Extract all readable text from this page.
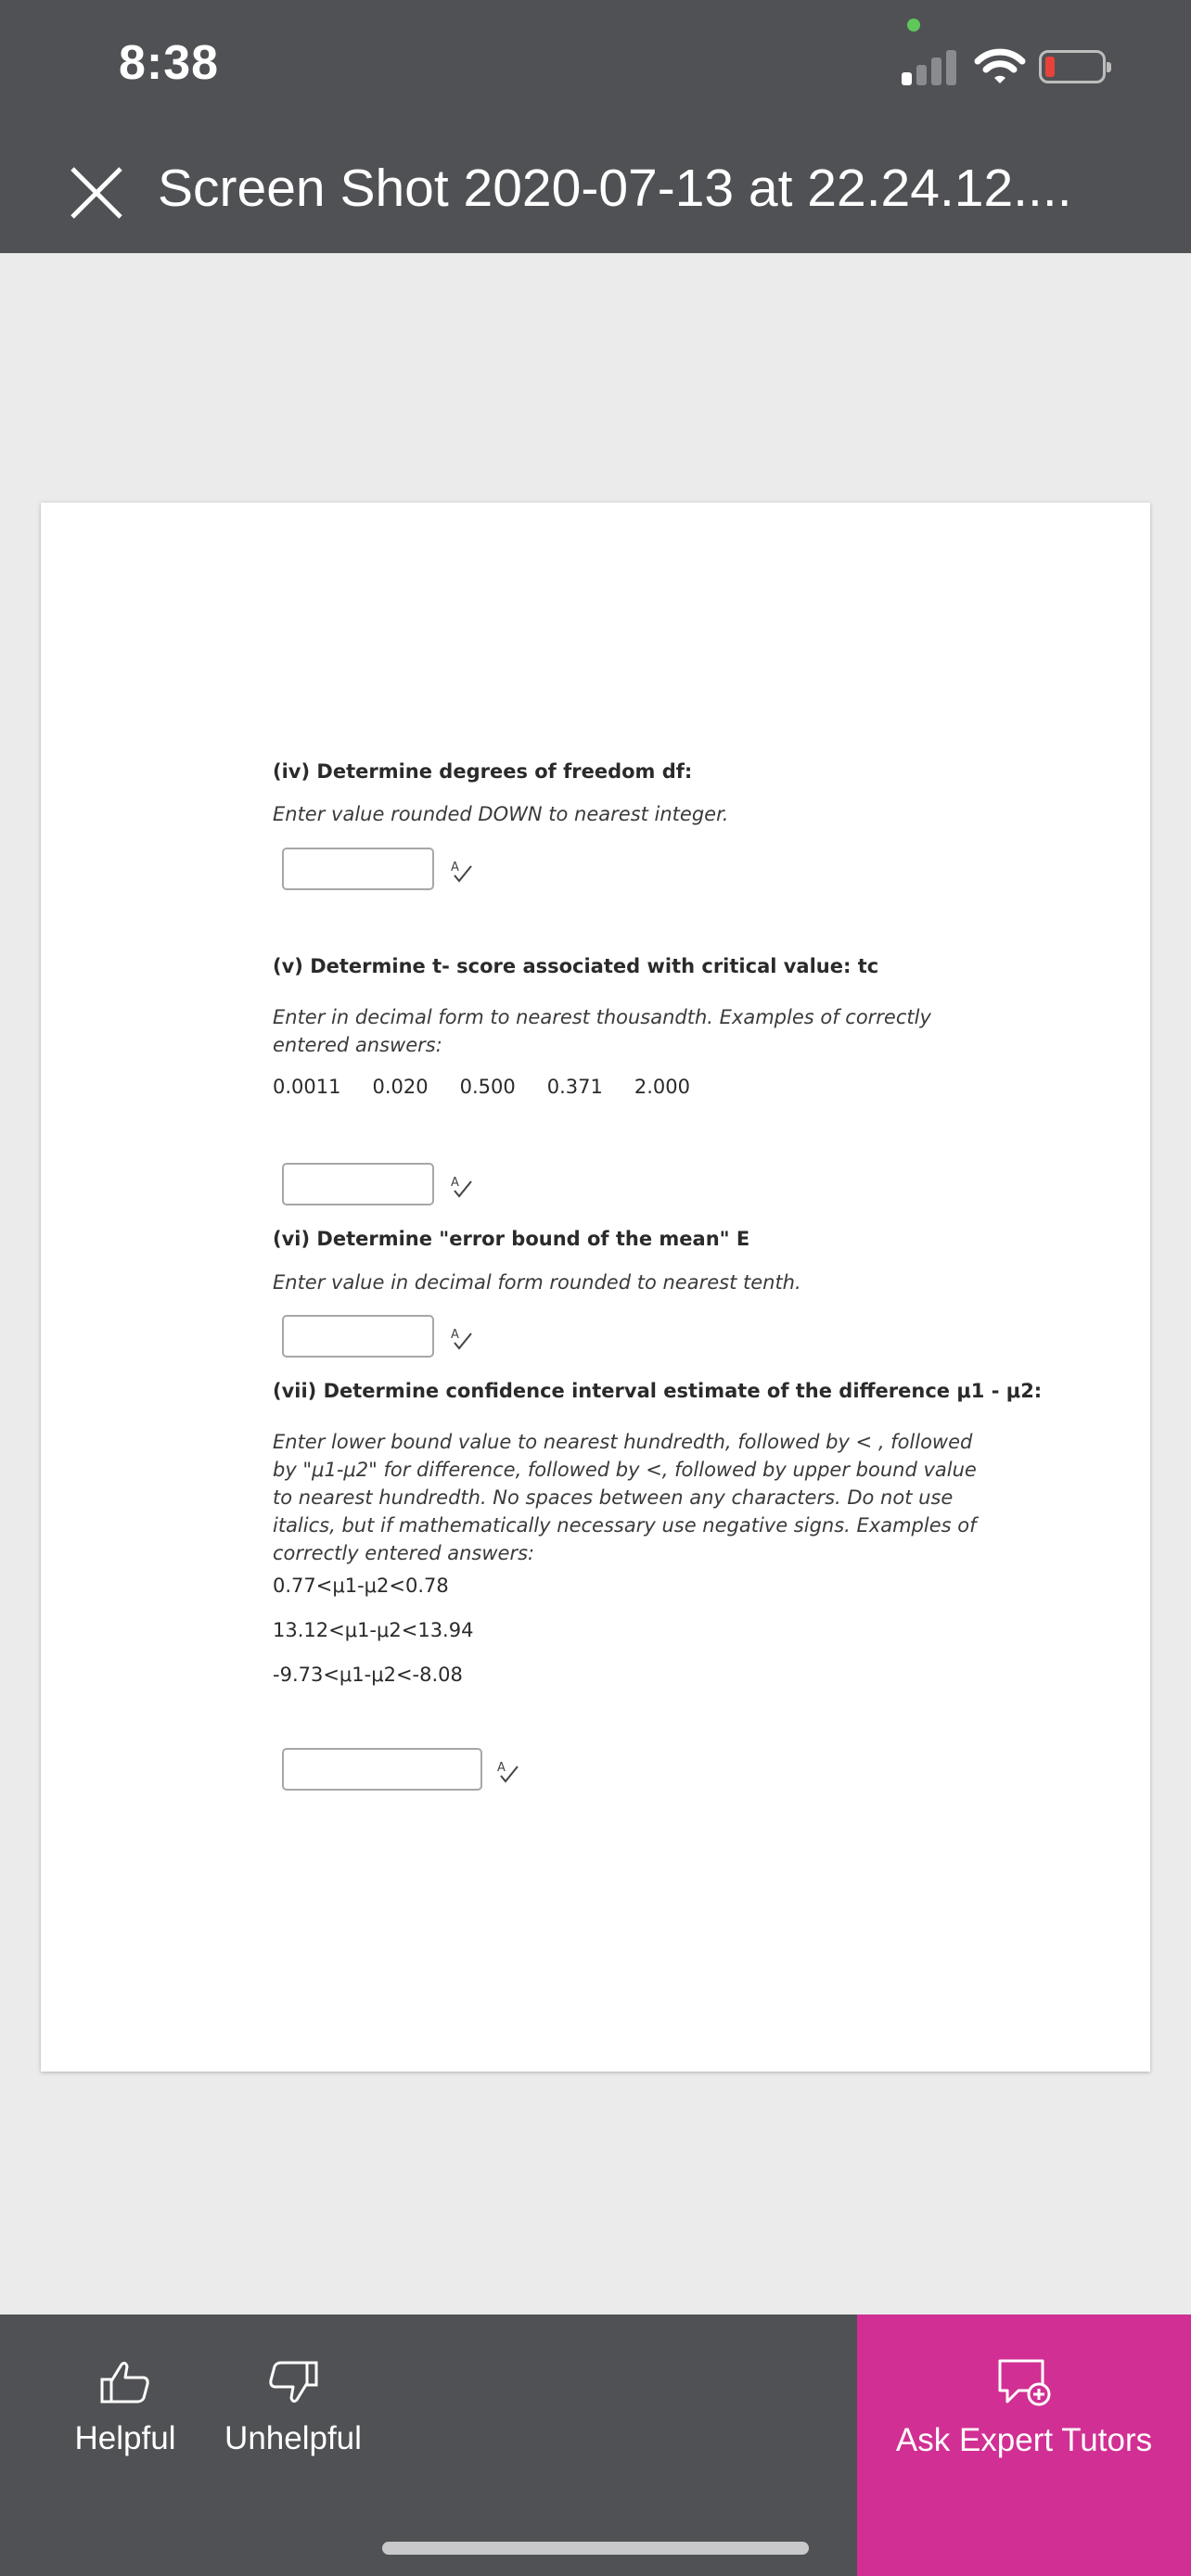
8:38
Screen Shot 2020-07-13 at 22.24.12....
(iv) Determine degrees of freedom df:
Enter value rounded DOWN to nearest integer.
A
(v) Determine t- score associated with critical value: tc
Enter in decimal form to nearest thousandth. Examples of correctly entered answers:
0.0011 0.020 0.500 0.371 2.000
A
(vi) Determine "error bound of the mean" E
Enter value in decimal form rounded to nearest tenth.
A
(vii) Determine confidence interval estimate of the difference μ1 - μ2:
Enter lower bound value to nearest hundredth, followed by < , followed by "μ1-μ2" for difference, followed by <, followed by upper bound value to nearest hundredth. No spaces between any characters. Do not use italics, but if mathematically necessary use negative signs. Examples of correctly entered answers:
0.77<μ1-μ2<0.78
13.12<μ1-μ2<13.94
-9.73<μ1-μ2<-8.08
A
Helpful	Unhelpful	Ask Expert Tutors
